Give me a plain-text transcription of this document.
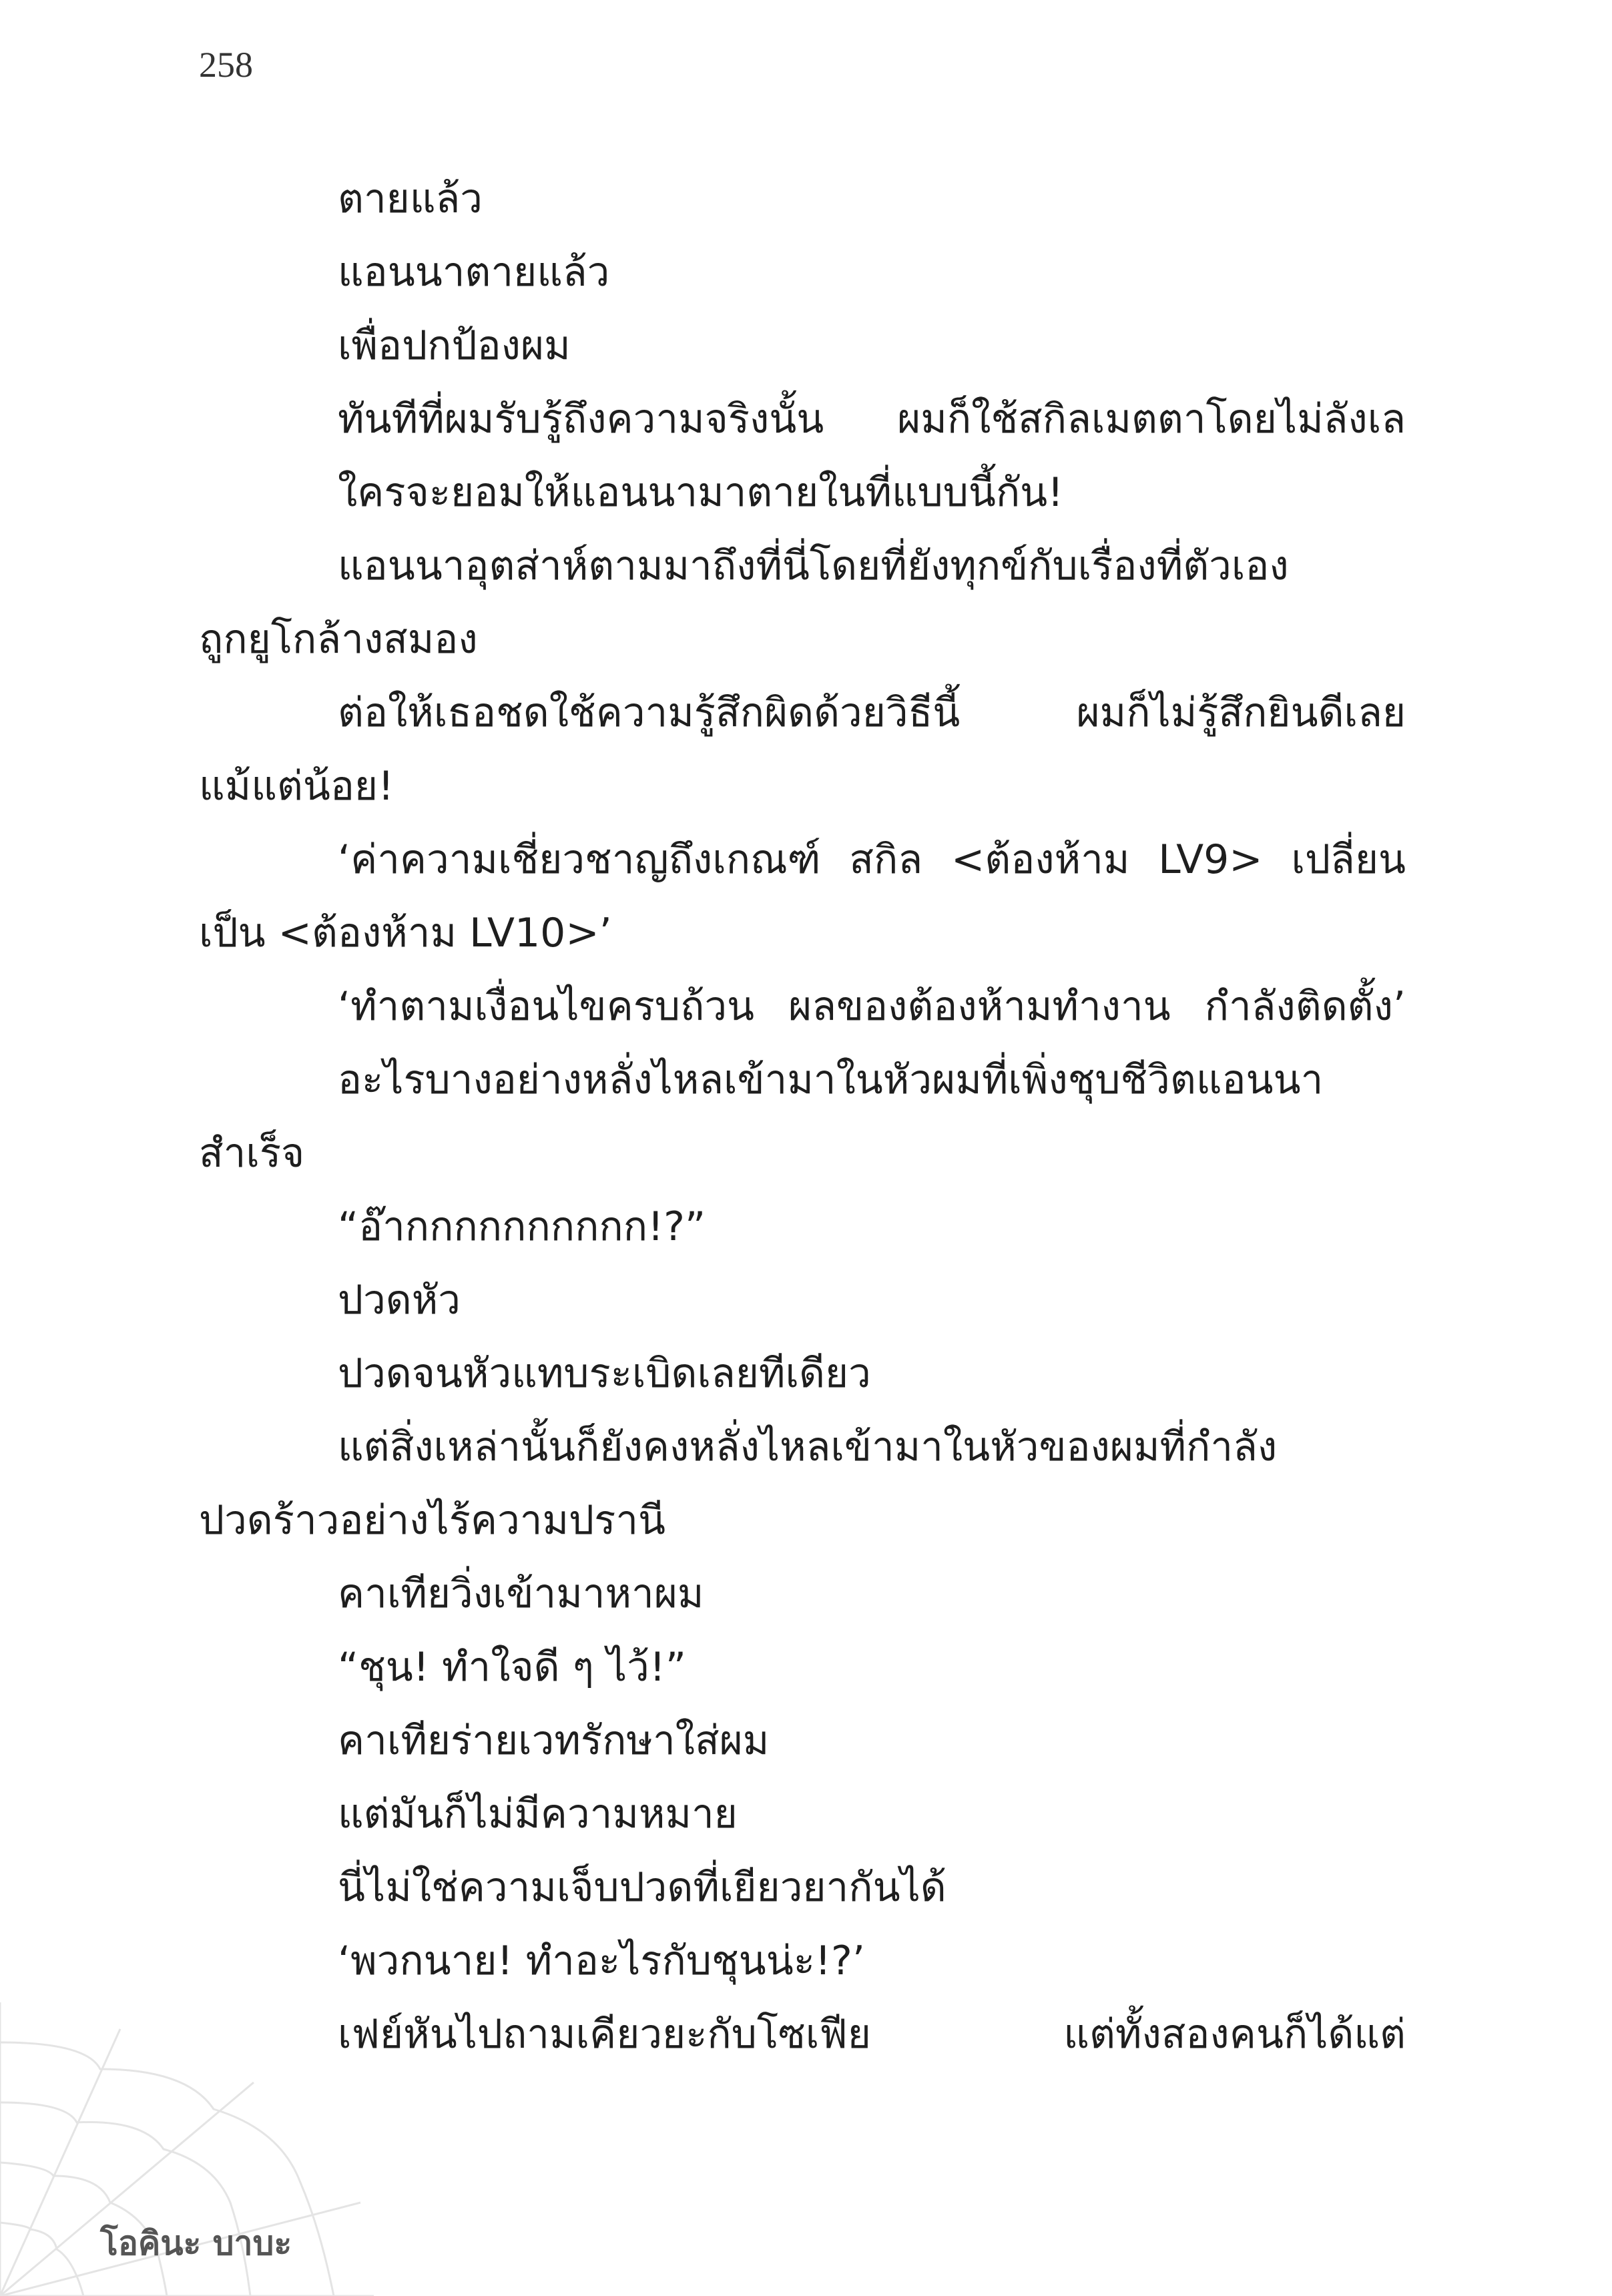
258
ตายแล้ว
แอนนาตายแล้ว
เพื่อปกป้องผม
ทันทีที่ผมรับรู้ถึงความจริงนั้น ผมก็ใช้สกิลเมตตาโดยไม่ลังเล
ใครจะยอมให้แอนนามาตายในที่แบบนี้กัน!
แอนนาอุตส่าห์ตามมาถึงที่นี่โดยที่ยังทุกข์กับเรื่องที่ตัวเอง
ถูกยูโกล้างสมอง
ต่อให้เธอชดใช้ความรู้สึกผิดด้วยวิธีนี้ ผมก็ไม่รู้สึกยินดีเลย
แม้แต่น้อย!
‘ค่าความเชี่ยวชาญถึงเกณฑ์ สกิล <ต้องห้าม LV9> เปลี่ยน
เป็น <ต้องห้าม LV10>’
‘ทำตามเงื่อนไขครบถ้วน ผลของต้องห้ามทำงาน กำลังติดตั้ง’
อะไรบางอย่างหลั่งไหลเข้ามาในหัวผมที่เพิ่งชุบชีวิตแอนนา
สำเร็จ
“อ๊ากกกกกกกกกก!?”
ปวดหัว
ปวดจนหัวแทบระเบิดเลยทีเดียว
แต่สิ่งเหล่านั้นก็ยังคงหลั่งไหลเข้ามาในหัวของผมที่กำลัง
ปวดร้าวอย่างไร้ความปรานี
คาเทียวิ่งเข้ามาหาผม
“ชุน! ทำใจดี ๆ ไว้!”
คาเทียร่ายเวทรักษาใส่ผม
แต่มันก็ไม่มีความหมาย
นี่ไม่ใช่ความเจ็บปวดที่เยียวยากันได้
‘พวกนาย! ทำอะไรกับชุนน่ะ!?’
เฟย์หันไปถามเคียวยะกับโซเฟีย แต่ทั้งสองคนก็ได้แต่
โอคินะ บาบะ
